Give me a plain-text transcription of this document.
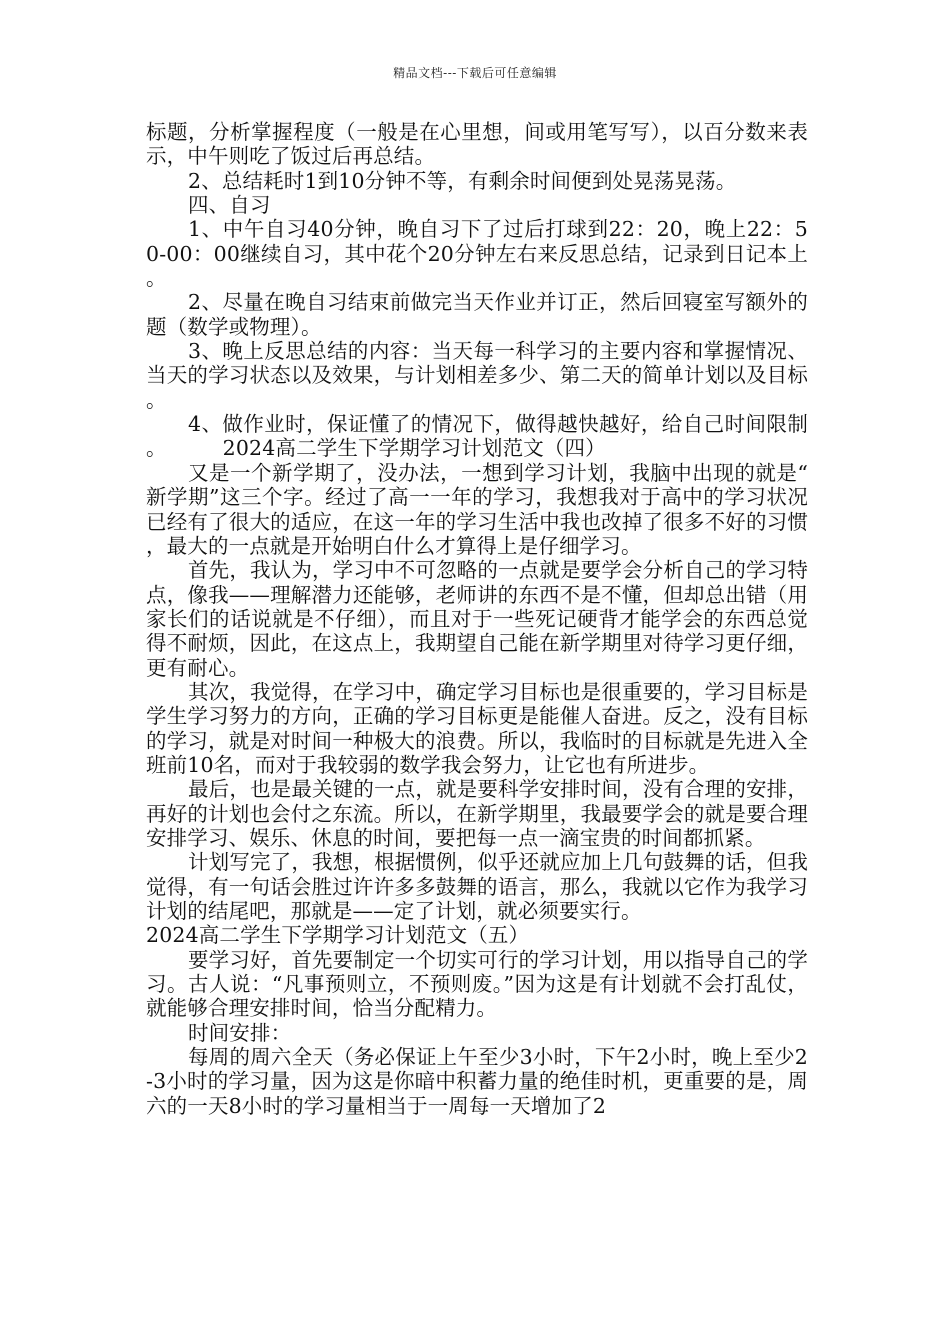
精品文档---下载后可任意编辑

标题，分析掌握程度（一般是在心里想，间或用笔写写），以百分数来表示，中午则吃了饭过后再总结。

2、总结耗时1到10分钟不等，有剩余时间便到处晃荡晃荡。

四、自习

1、中午自习40分钟，晚自习下了过后打球到22：20，晚上22：50-00：00继续自习，其中花个20分钟左右来反思总结，记录到日记本上。

2、尽量在晚自习结束前做完当天作业并订正，然后回寝室写额外的题（数学或物理）。

3、晚上反思总结的内容：当天每一科学习的主要内容和掌握情况、当天的学习状态以及效果，与计划相差多少、第二天的简单计划以及目标。

4、做作业时，保证懂了的情况下，做得越快越好，给自己时间限制。	2024高二学生下学期学习计划范文（四）

又是一个新学期了，没办法，一想到学习计划，我脑中出现的就是“新学期”这三个字。经过了高一一年的学习，我想我对于高中的学习状况已经有了很大的适应，在这一年的学习生活中我也改掉了很多不好的习惯，最大的一点就是开始明白什么才算得上是仔细学习。

首先，我认为，学习中不可忽略的一点就是要学会分析自己的学习特点，像我——理解潜力还能够，老师讲的东西不是不懂，但却总出错（用家长们的话说就是不仔细），而且对于一些死记硬背才能学会的东西总觉得不耐烦，因此，在这点上，我期望自己能在新学期里对待学习更仔细，更有耐心。

其次，我觉得，在学习中，确定学习目标也是很重要的，学习目标是学生学习努力的方向，正确的学习目标更是能催人奋进。反之，没有目标的学习，就是对时间一种极大的浪费。所以，我临时的目标就是先进入全班前10名，而对于我较弱的数学我会努力，让它也有所进步。

最后，也是最关键的一点，就是要科学安排时间，没有合理的安排，再好的计划也会付之东流。所以，在新学期里，我最要学会的就是要合理安排学习、娱乐、休息的时间，要把每一点一滴宝贵的时间都抓紧。

计划写完了，我想，根据惯例，似乎还就应加上几句鼓舞的话，但我觉得，有一句话会胜过许许多多鼓舞的语言，那么，我就以它作为我学习计划的结尾吧，那就是——定了计划，就必须要实行。

2024高二学生下学期学习计划范文（五）

要学习好，首先要制定一个切实可行的学习计划，用以指导自己的学习。古人说：“凡事预则立，不预则废。”因为这是有计划就不会打乱仗，就能够合理安排时间，恰当分配精力。

时间安排：

每周的周六全天（务必保证上午至少3小时，下午2小时，晚上至少2-3小时的学习量，因为这是你暗中积蓄力量的绝佳时机，更重要的是，周六的一天8小时的学习量相当于一周每一天增加了2
